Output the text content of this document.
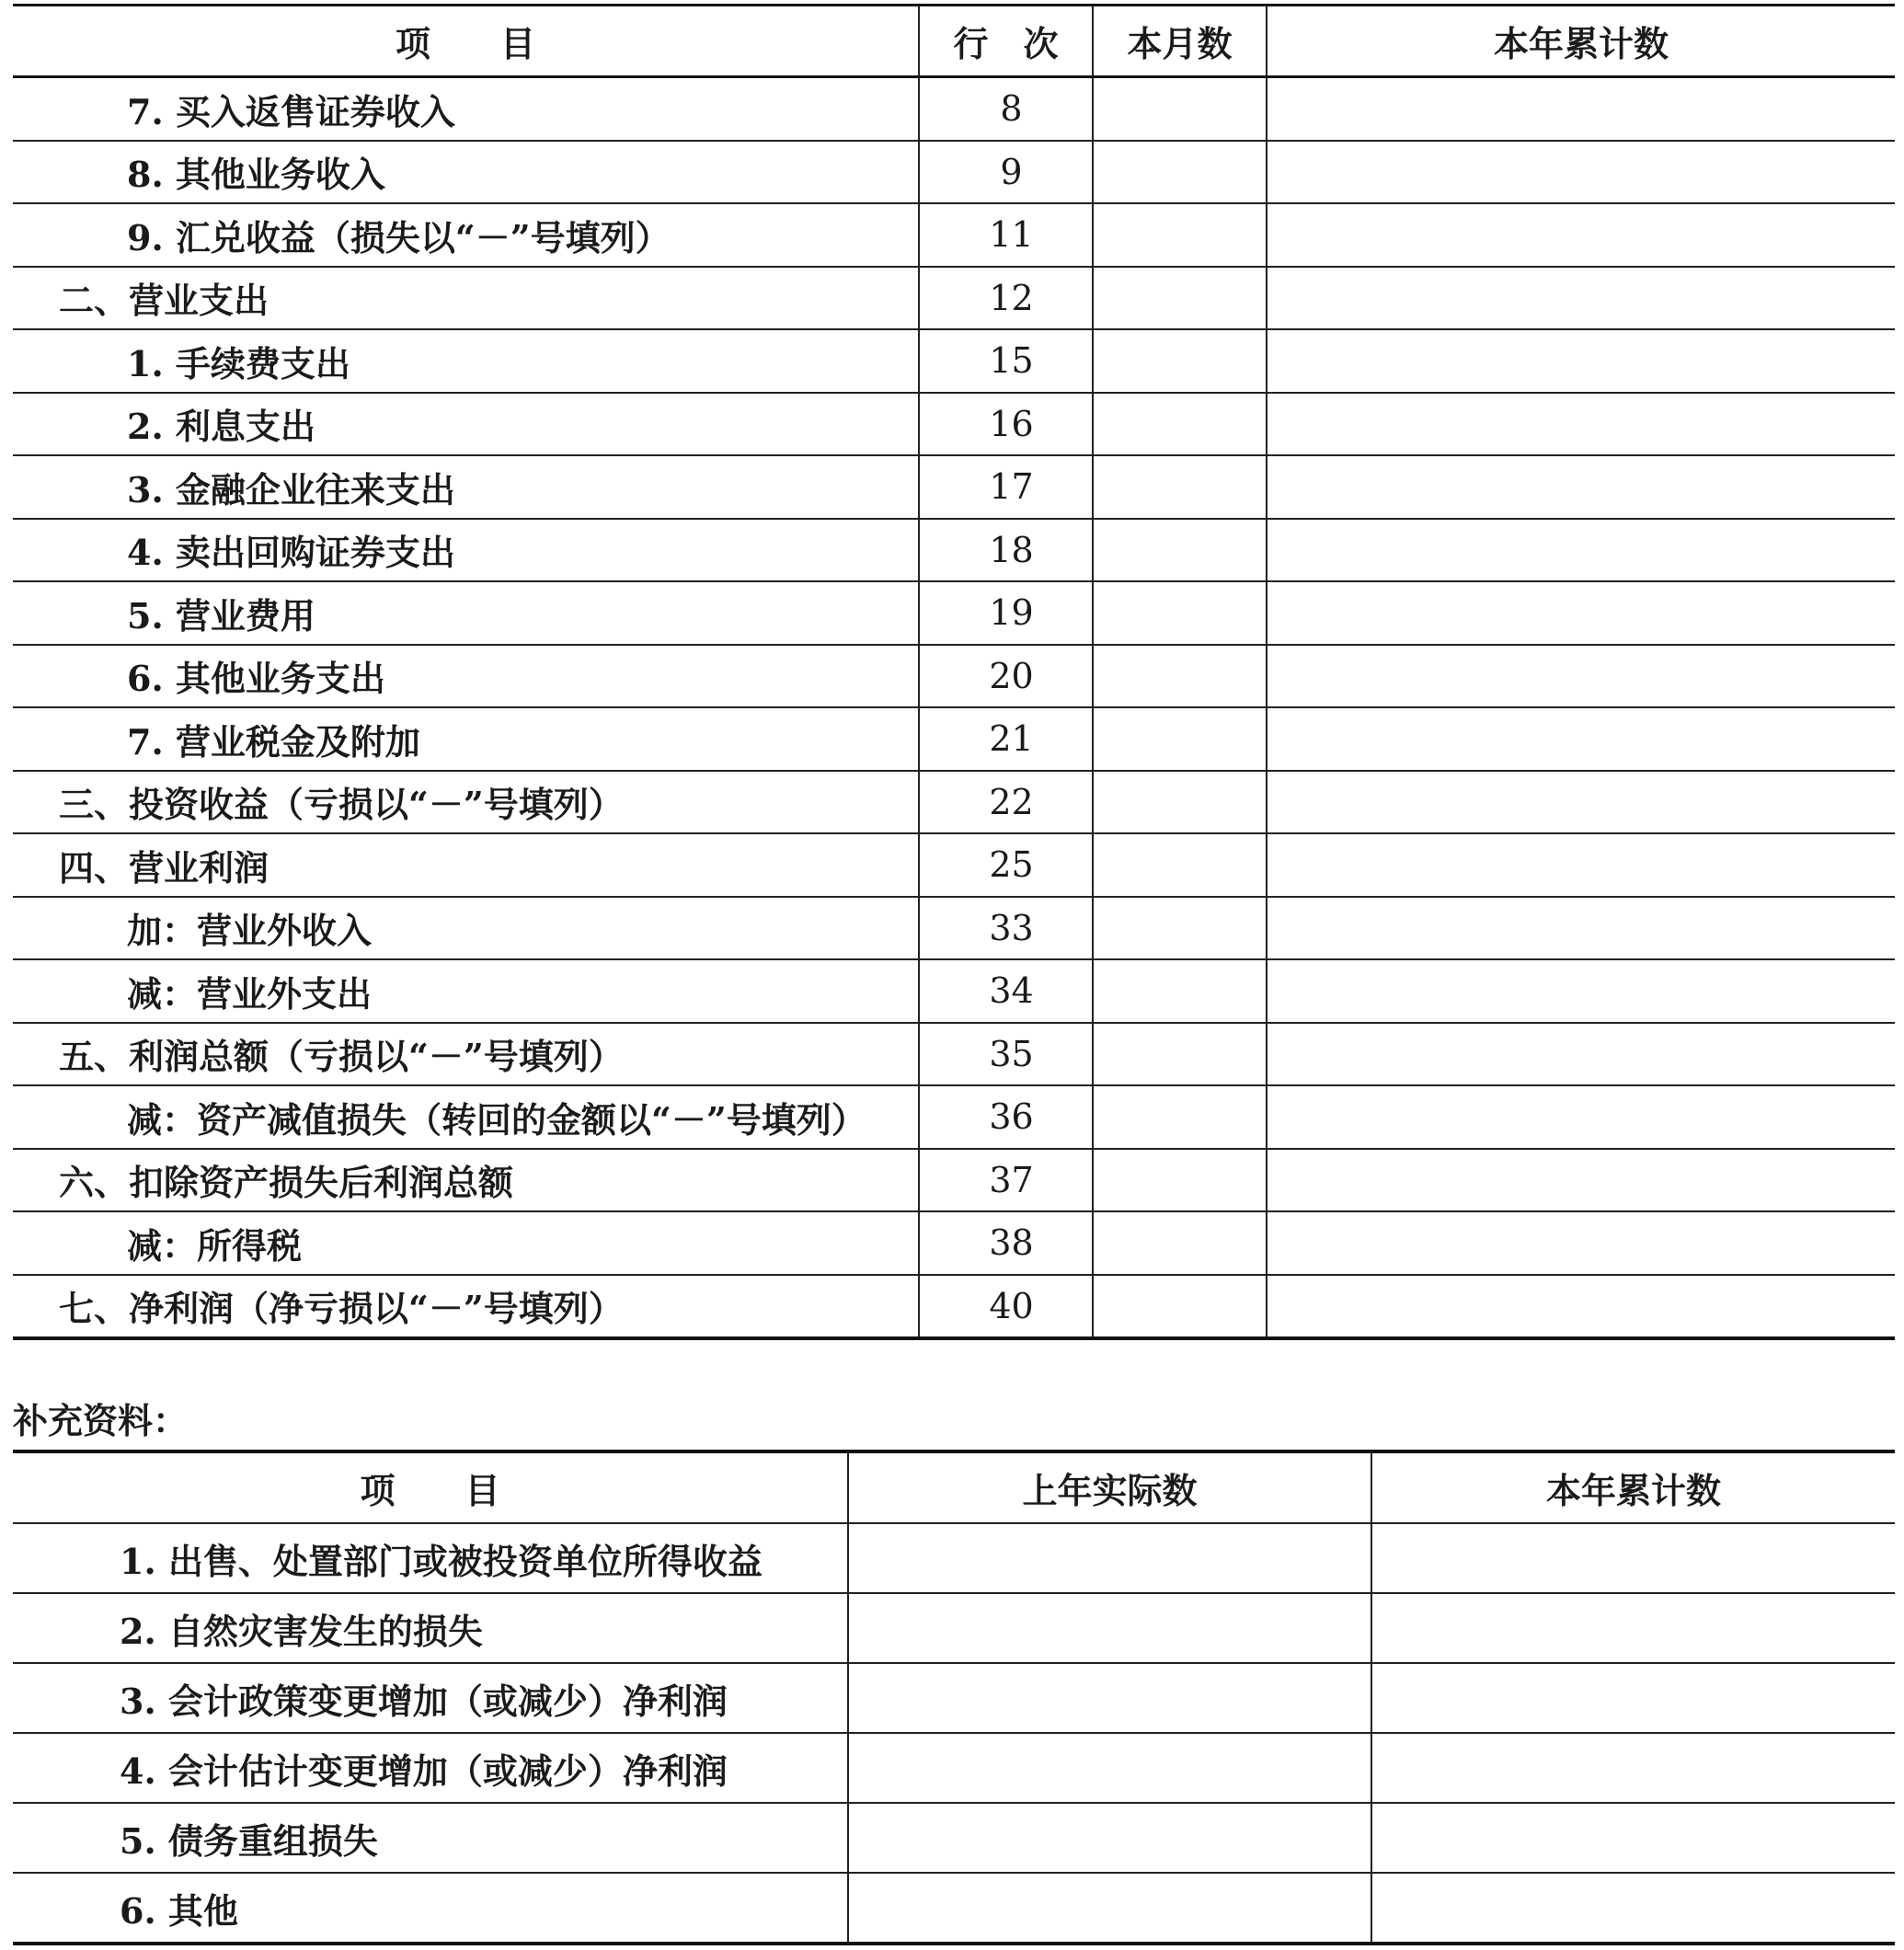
项　　目	行　次	本月数	本年累计数
7. 买入返售证券收入	8		
8. 其他业务收入	9		
9. 汇兑收益（损失以“－”号填列）	11		
二、营业支出	12		
1. 手续费支出	15		
2. 利息支出	16		
3. 金融企业往来支出	17		
4. 卖出回购证券支出	18		
5. 营业费用	19		
6. 其他业务支出	20		
7. 营业税金及附加	21		
三、投资收益（亏损以“－”号填列）	22		
四、营业利润	25		
加：营业外收入	33		
减：营业外支出	34		
五、利润总额（亏损以“－”号填列）	35		
减：资产减值损失（转回的金额以“－”号填列）	36		
六、扣除资产损失后利润总额	37		
减：所得税	38		
七、净利润（净亏损以“－”号填列）	40		
补充资料：
项　　目	上年实际数	本年累计数
1. 出售、处置部门或被投资单位所得收益		
2. 自然灾害发生的损失		
3. 会计政策变更增加（或减少）净利润		
4. 会计估计变更增加（或减少）净利润		
5. 债务重组损失		
6. 其他		
